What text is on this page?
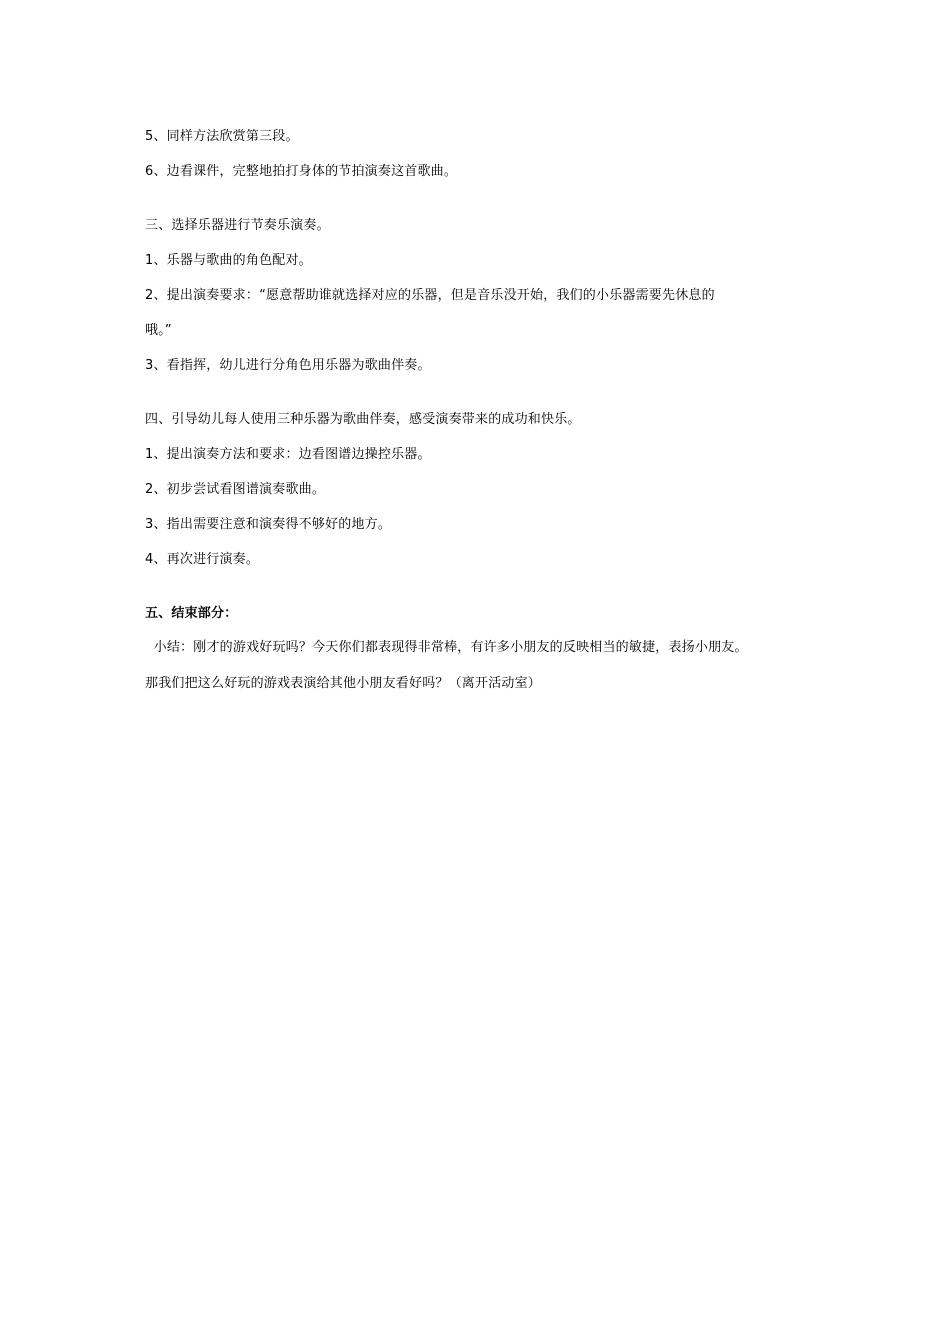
5、同样方法欣赏第三段。
6、边看课件，完整地拍打身体的节拍演奏这首歌曲。
三、选择乐器进行节奏乐演奏。
1、乐器与歌曲的角色配对。
2、提出演奏要求：“愿意帮助谁就选择对应的乐器，但是音乐没开始，我们的小乐器需要先休息的
哦。”
3、看指挥，幼儿进行分角色用乐器为歌曲伴奏。
四、引导幼儿每人使用三种乐器为歌曲伴奏，感受演奏带来的成功和快乐。
1、提出演奏方法和要求：边看图谱边操控乐器。
2、初步尝试看图谱演奏歌曲。
3、指出需要注意和演奏得不够好的地方。
4、再次进行演奏。
五、结束部分：
小结：刚才的游戏好玩吗？今天你们都表现得非常棒，有许多小朋友的反映相当的敏捷，表扬小朋友。
那我们把这么好玩的游戏表演给其他小朋友看好吗？（离开活动室）
